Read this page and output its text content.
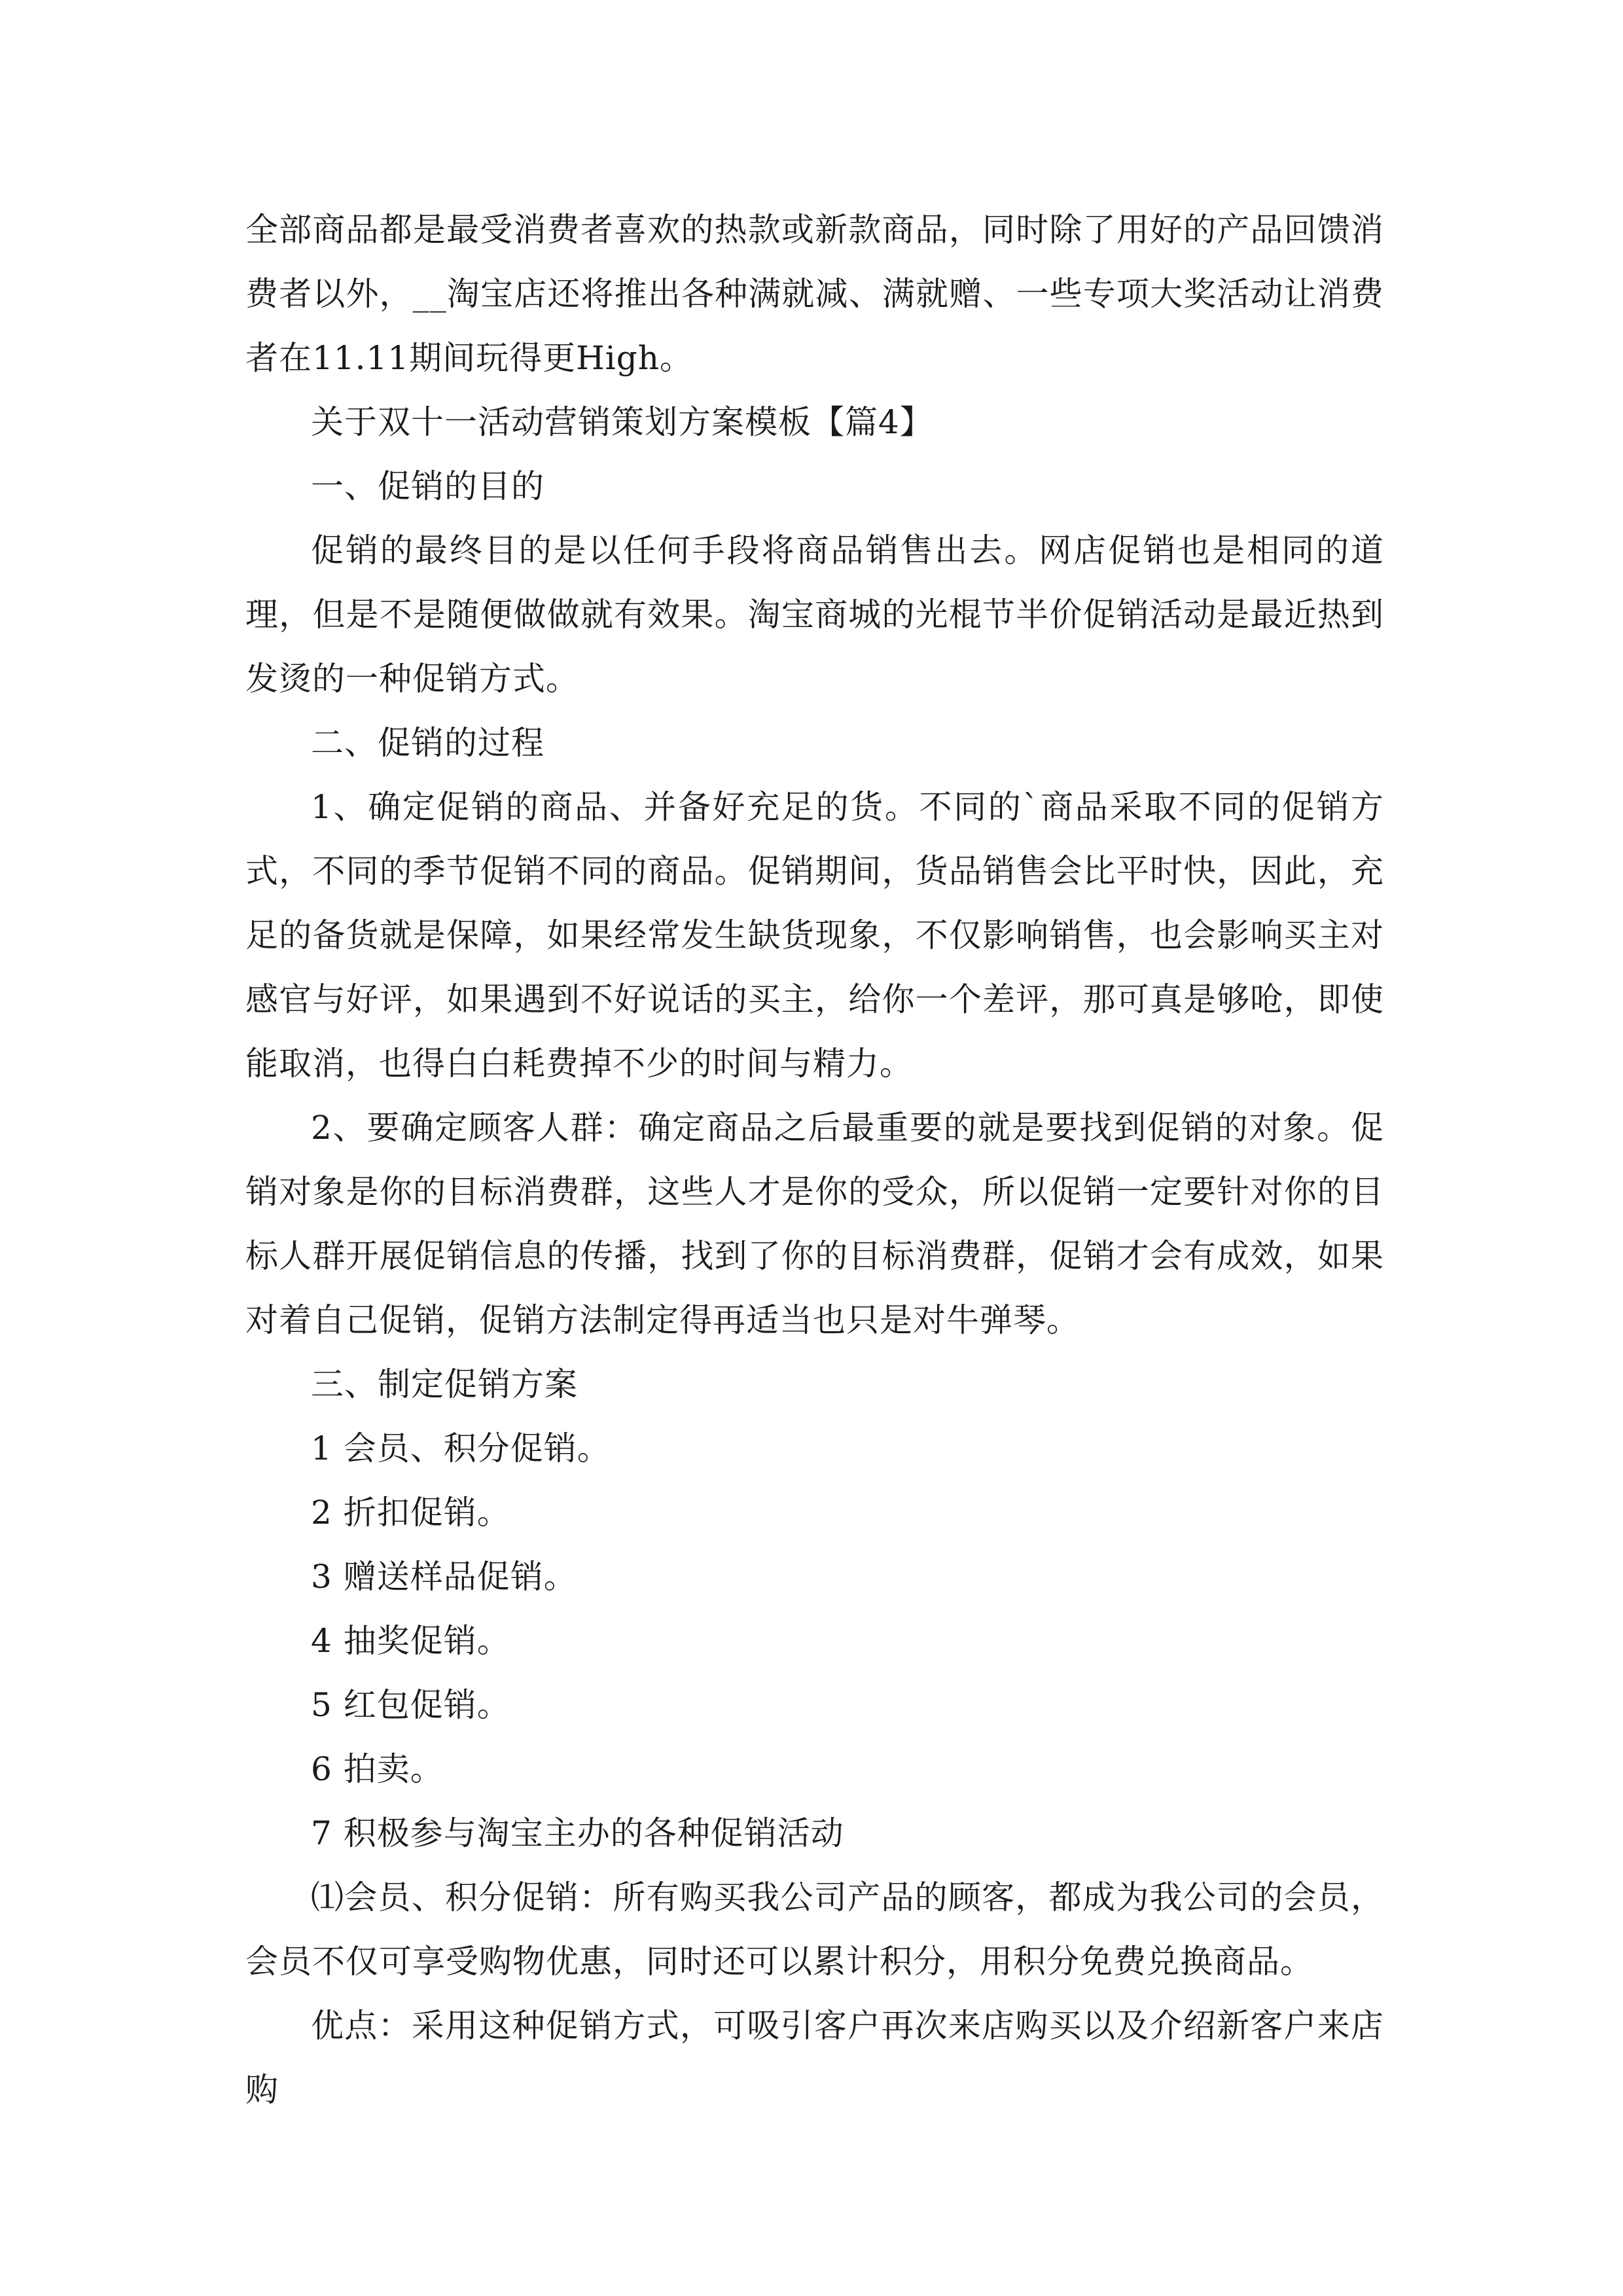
全部商品都是最受消费者喜欢的热款或新款商品，同时除了用好的产品回馈消费者以外，__淘宝店还将推出各种满就减、满就赠、一些专项大奖活动让消费者在11.11期间玩得更High。

关于双十一活动营销策划方案模板【篇4】

一、促销的目的

促销的最终目的是以任何手段将商品销售出去。网店促销也是相同的道理，但是不是随便做做就有效果。淘宝商城的光棍节半价促销活动是最近热到发烫的一种促销方式。

二、促销的过程

1、确定促销的商品、并备好充足的货。不同的`商品采取不同的促销方式，不同的季节促销不同的商品。促销期间，货品销售会比平时快，因此，充足的备货就是保障，如果经常发生缺货现象，不仅影响销售，也会影响买主对感官与好评，如果遇到不好说话的买主，给你一个差评，那可真是够呛，即使能取消，也得白白耗费掉不少的时间与精力。

2、要确定顾客人群：确定商品之后最重要的就是要找到促销的对象。促销对象是你的目标消费群，这些人才是你的受众，所以促销一定要针对你的目标人群开展促销信息的传播，找到了你的目标消费群，促销才会有成效，如果对着自己促销，促销方法制定得再适当也只是对牛弹琴。

三、制定促销方案

1 会员、积分促销。

2 折扣促销。

3 赠送样品促销。

4 抽奖促销。

5 红包促销。

6 拍卖。

7 积极参与淘宝主办的各种促销活动

⑴会员、积分促销：所有购买我公司产品的顾客，都成为我公司的会员，会员不仅可享受购物优惠，同时还可以累计积分，用积分免费兑换商品。

优点：采用这种促销方式，可吸引客户再次来店购买以及介绍新客户来店购
